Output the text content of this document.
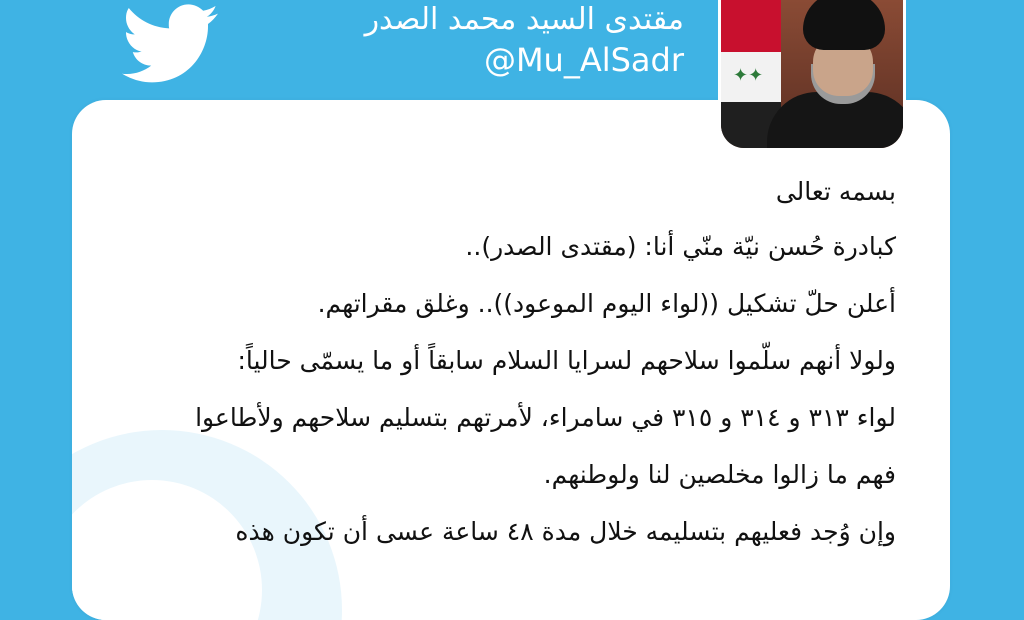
مقتدى السيد محمد الصدر
@Mu_AlSadr	✦✦
بسمه تعالى
كبادرة حُسن نيّة منّي أنا: (مقتدى الصدر)..
أعلن حلّ تشكيل ((لواء اليوم الموعود)).. وغلق مقراتهم.
ولولا أنهم سلّموا سلاحهم لسرايا السلام سابقاً أو ما يسمّى حالياً:
لواء ٣١٣ و ٣١٤ و ٣١٥ في سامراء، لأمرتهم بتسليم سلاحهم ولأطاعوا
فهم ما زالوا مخلصين لنا ولوطنهم.
وإن وُجد فعليهم بتسليمه خلال مدة ٤٨ ساعة عسى أن تكون هذه
